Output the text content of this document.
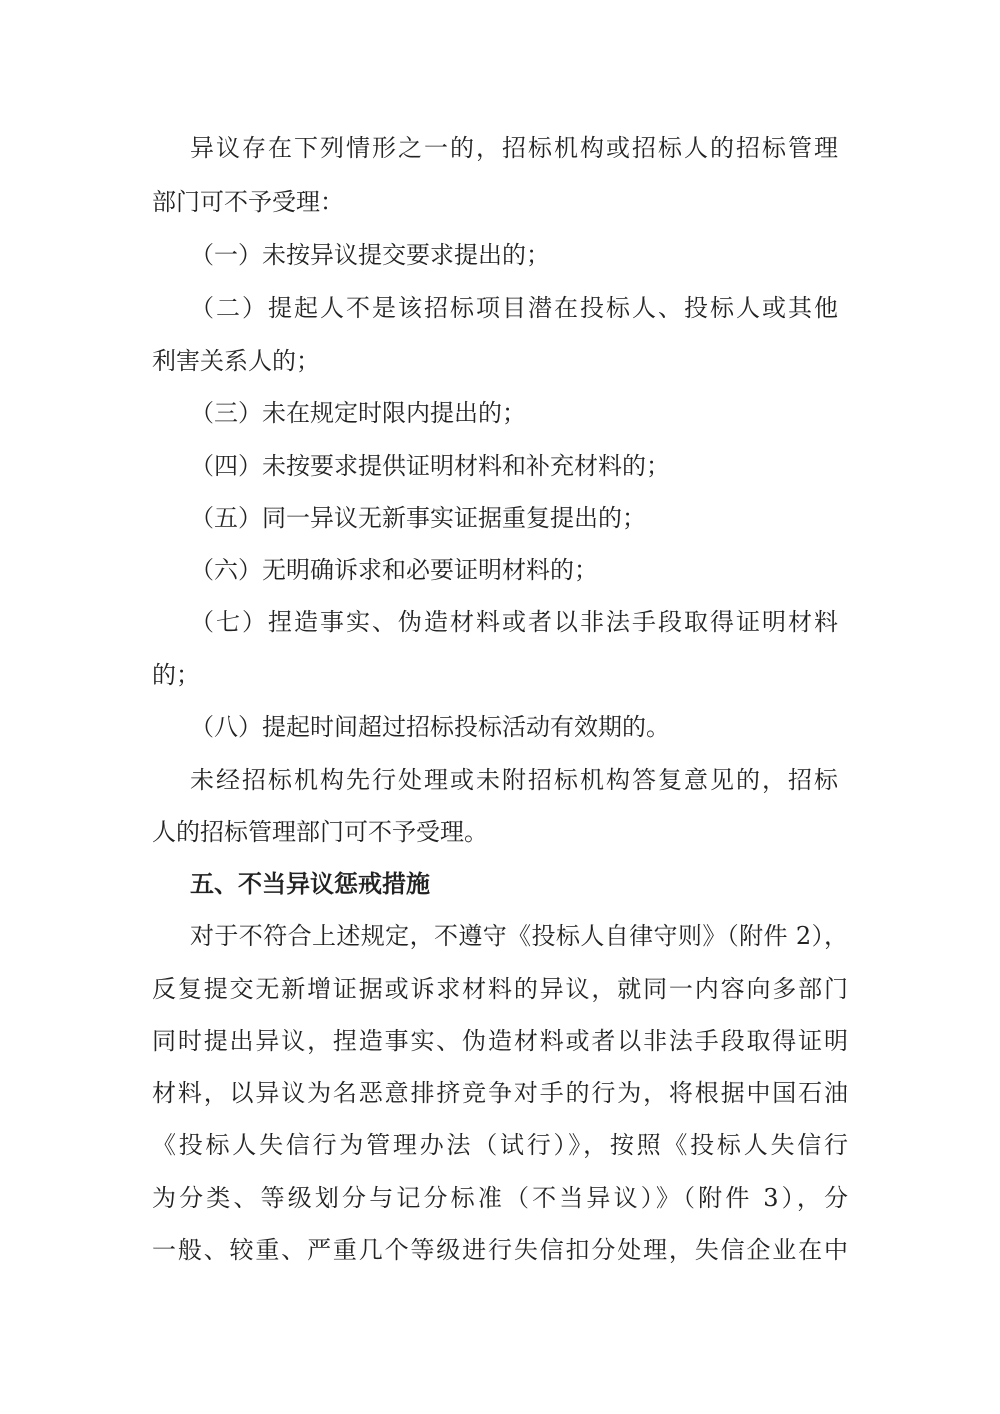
异议存在下列情形之一的，招标机构或招标人的招标管理
部门可不予受理：
（一）未按异议提交要求提出的；
（二）提起人不是该招标项目潜在投标人、投标人或其他
利害关系人的；
（三）未在规定时限内提出的；
（四）未按要求提供证明材料和补充材料的；
（五）同一异议无新事实证据重复提出的；
（六）无明确诉求和必要证明材料的；
（七）捏造事实、伪造材料或者以非法手段取得证明材料
的；
（八）提起时间超过招标投标活动有效期的。
未经招标机构先行处理或未附招标机构答复意见的，招标
人的招标管理部门可不予受理。
五、不当异议惩戒措施
对于不符合上述规定，不遵守《投标人自律守则》（附件 2），
反复提交无新增证据或诉求材料的异议，就同一内容向多部门
同时提出异议，捏造事实、伪造材料或者以非法手段取得证明
材料，以异议为名恶意排挤竞争对手的行为，将根据中国石油
《投标人失信行为管理办法（试行）》，按照《投标人失信行
为分类、等级划分与记分标准（不当异议）》（附件 3），分
一般、较重、严重几个等级进行失信扣分处理，失信企业在中
